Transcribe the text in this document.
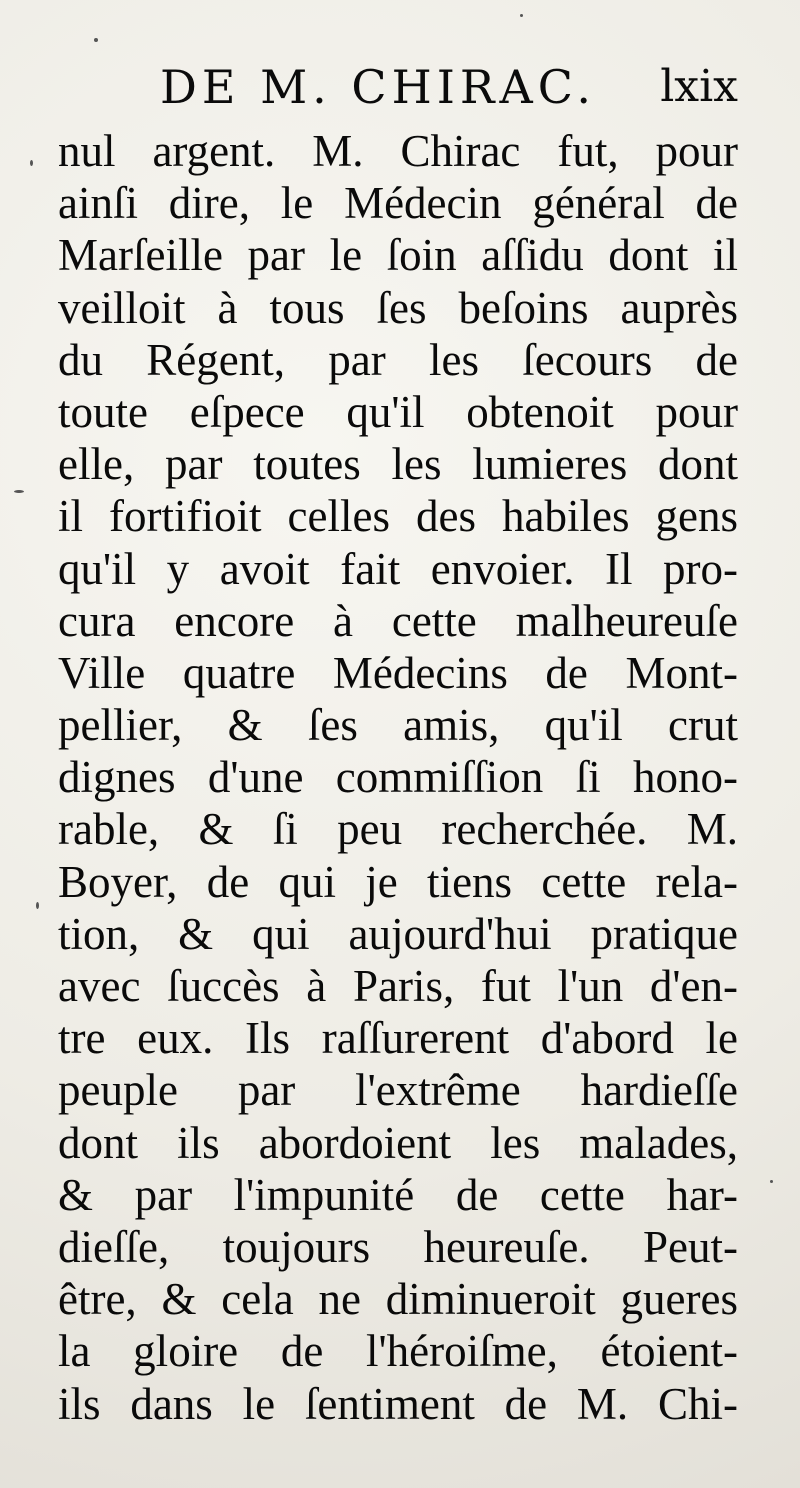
DE M. CHIRAC. lxix
nul argent. M. Chirac fut, pour
ainſi dire, le Médecin général de
Marſeille par le ſoin aſſidu dont il
veilloit à tous ſes beſoins auprès
du Régent, par les ſecours de
toute eſpece qu'il obtenoit pour
elle, par toutes les lumieres dont
il fortifioit celles des habiles gens
qu'il y avoit fait envoier. Il pro-
cura encore à cette malheureuſe
Ville quatre Médecins de Mont-
pellier, & ſes amis, qu'il crut
dignes d'une commiſſion ſi hono-
rable, & ſi peu recherchée. M.
Boyer, de qui je tiens cette rela-
tion, & qui aujourd'hui pratique
avec ſuccès à Paris, fut l'un d'en-
tre eux. Ils raſſurerent d'abord le
peuple par l'extrême hardieſſe
dont ils abordoient les malades,
& par l'impunité de cette har-
dieſſe, toujours heureuſe. Peut-
être, & cela ne diminueroit gueres
la gloire de l'héroiſme, étoient-
ils dans le ſentiment de M. Chi-
